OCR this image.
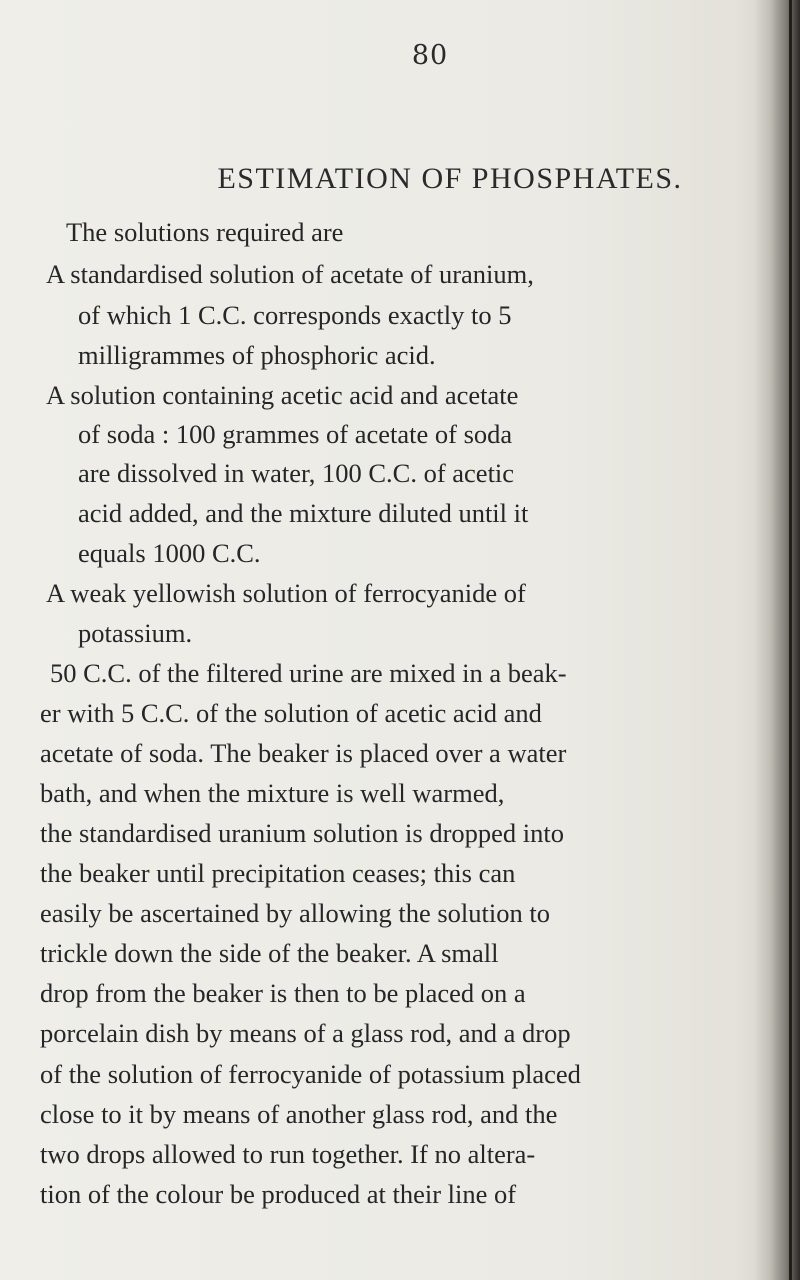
80
ESTIMATION OF PHOSPHATES.
The solutions required are
A standardised solution of acetate of uranium,
of which 1 C.C. corresponds exactly to 5
milligrammes of phosphoric acid.
A solution containing acetic acid and acetate
of soda : 100 grammes of acetate of soda
are dissolved in water, 100 C.C. of acetic
acid added, and the mixture diluted until it
equals 1000 C.C.
A weak yellowish solution of ferrocyanide of
potassium.
50 C.C. of the filtered urine are mixed in a beak-
er with 5 C.C. of the solution of acetic acid and
acetate of soda. The beaker is placed over a water
bath, and when the mixture is well warmed,
the standardised uranium solution is dropped into
the beaker until precipitation ceases; this can
easily be ascertained by allowing the solution to
trickle down the side of the beaker. A small
drop from the beaker is then to be placed on a
porcelain dish by means of a glass rod, and a drop
of the solution of ferrocyanide of potassium placed
close to it by means of another glass rod, and the
two drops allowed to run together. If no altera-
tion of the colour be produced at their line of
